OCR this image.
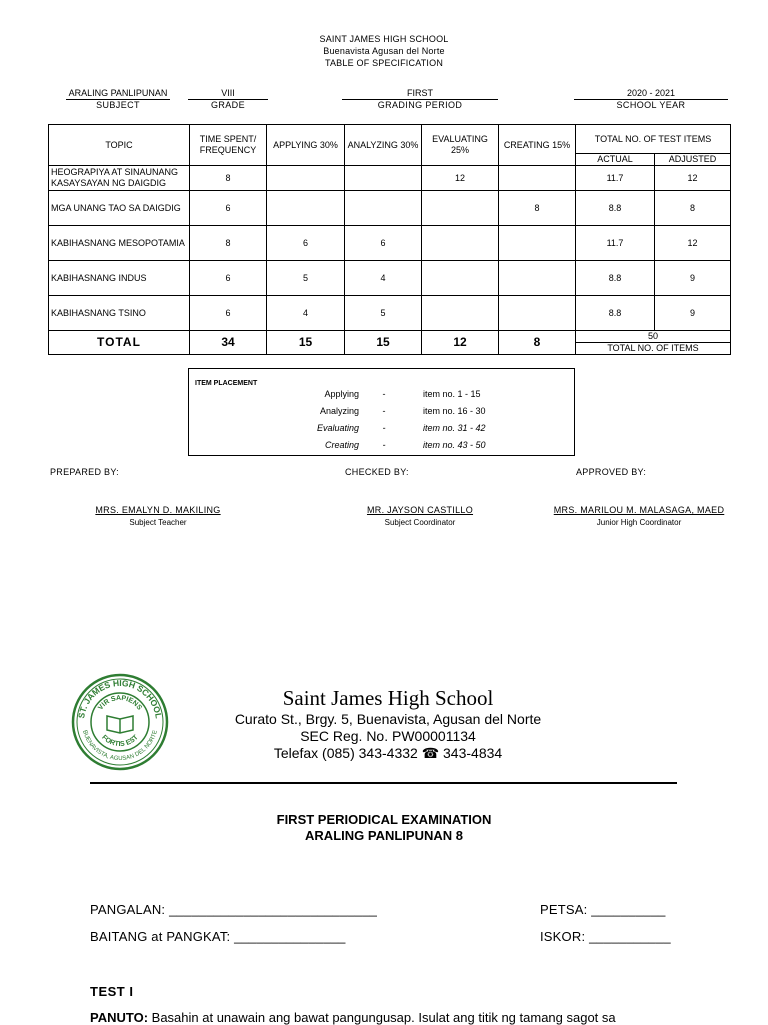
SAINT JAMES HIGH SCHOOL
Buenavista Agusan del Norte
TABLE OF SPECIFICATION
ARALING PANLIPUNAN
SUBJECT
VIII
GRADE
FIRST
GRADING PERIOD
2020 - 2021
SCHOOL YEAR
TOPIC	TIME SPENT/ FREQUENCY	APPLYING 30%	ANALYZING 30%	EVALUATING 25%	CREATING 15%	TOTAL NO. OF TEST ITEMS	
						ACTUAL	ADJUSTED
HEOGRAPIYA AT SINAUNANG KASAYSAYAN NG DAIGDIG	8			12		11.7	12
MGA UNANG TAO SA DAIGDIG	6				8	8.8	8
KABIHASNANG MESOPOTAMIA	8	6	6			11.7	12
KABIHASNANG INDUS	6	5	4			8.8	9
KABIHASNANG TSINO	6	4	5			8.8	9
TOTAL	34	15	15	12	8	50	
						TOTAL NO. OF ITEMS	
ITEM PLACEMENT
Applying	-	item no. 1 - 15
Analyzing	-	item no. 16 - 30
Evaluating	-	item no. 31 - 42
Creating	-	item no. 43 - 50
PREPARED BY:	CHECKED BY:	APPROVED BY:
MRS. EMALYN D. MAKILING
Subject Teacher
MR. JAYSON CASTILLO
Subject Coordinator
MRS. MARILOU M. MALASAGA, MAED
Junior High Coordinator
ST. JAMES HIGH SCHOOL
BUENAVISTA, AGUSAN DEL NORTE
VIR SAPIENS
FORTIS EST
Saint James High School
Curato St., Brgy. 5, Buenavista, Agusan del Norte
SEC Reg. No. PW00001134
Telefax (085) 343-4332 ☎ 343-4834
FIRST PERIODICAL EXAMINATION
ARALING PANLIPUNAN 8
PANGALAN: ____________________________	PETSA: __________
BAITANG at PANGKAT: _______________	ISKOR: ___________
TEST I
PANUTO: Basahin at unawain ang bawat pangungusap. Isulat ang titik ng tamang sagot sa
